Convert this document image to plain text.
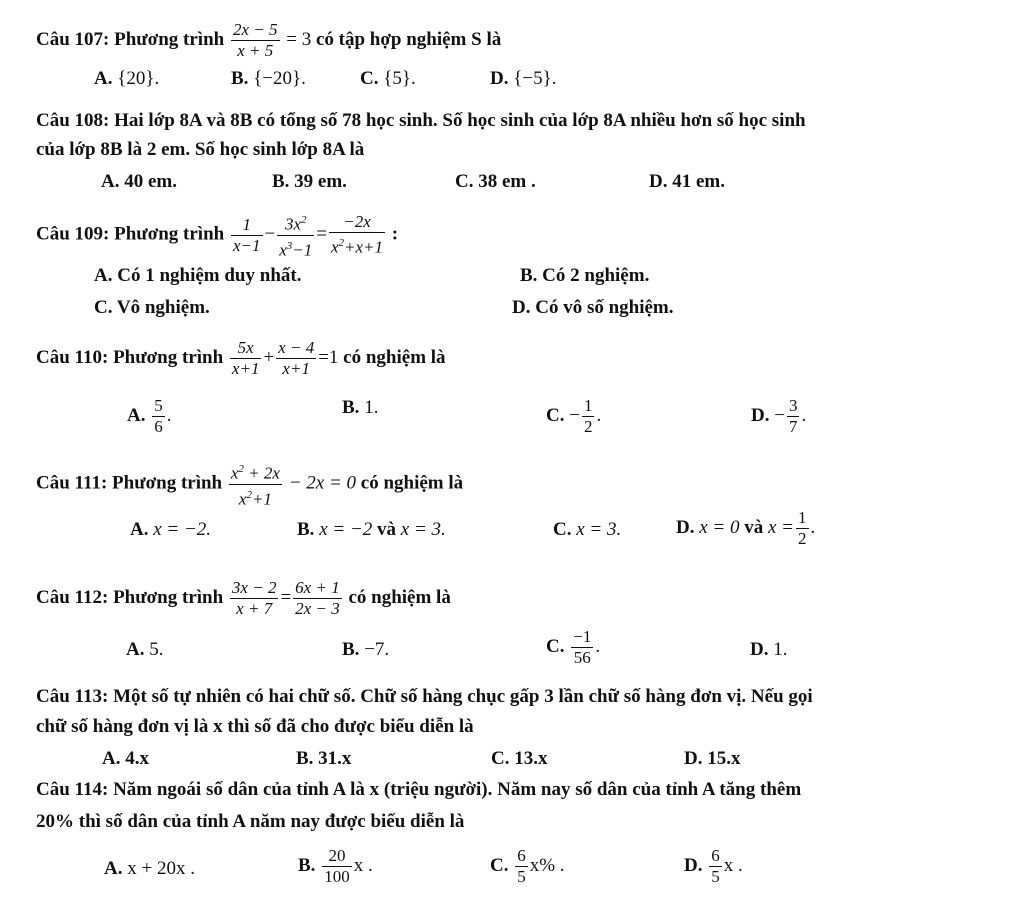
Câu 107: Phương trình $\frac{2x - 5}{x + 5} = 3$ có tập hợp nghiệm S là
A. {20}.	B. {−20}.	C. {5}.	D. {−5}.
Câu 108: Hai lớp 8A và 8B có tổng số 78 học sinh. Số học sinh của lớp 8A nhiều hơn số học sinh
của lớp 8B là 2 em. Số học sinh lớp 8A là
A. 40 em.	B. 39 em.	C. 38 em .	D. 41 em.
Câu 109: Phương trình $\frac{1}{x-1} - \frac{3x^2}{x^3-1} = \frac{-2x}{x^2+x+1}$ :
A. Có 1 nghiệm duy nhất.	B. Có 2 nghiệm.
C. Vô nghiệm.	D. Có vô số nghiệm.
Câu 110: Phương trình $\frac{5x}{x+1} + \frac{x - 4}{x+1} =1$ có nghiệm là
A. $\frac{5}{6}$ .	B. 1.	C. − $\frac{1}{2}$ .	D. − $\frac{3}{7}$ .
Câu 111: Phương trình $\frac{x^2 + 2x}{x^2+1} - 2x = 0$ có nghiệm là
A. x = −2.	B. x = −2 và x = 3.	C. x = 3.	D. x = 0 và $x = \frac{1}{2}$ .
Câu 112: Phương trình $\frac{3x - 2}{x + 7} = \frac{6x + 1}{2x - 3}$ có nghiệm là
A. 5.	B. −7.	C. $\frac{-1}{56}$ .	D. 1.
Câu 113: Một số tự nhiên có hai chữ số. Chữ số hàng chục gấp 3 lần chữ số hàng đơn vị. Nếu gọi
chữ số hàng đơn vị là x thì số đã cho được biểu diễn là
A. 4.x	B. 31.x	C. 13.x	D. 15.x
Câu 114: Năm ngoái số dân của tỉnh A là x (triệu người). Năm nay số dân của tỉnh A tăng thêm
20% thì số dân của tỉnh A năm nay được biểu diễn là
A. x + 20x .	B. $\frac{20}{100}$ x .	C. $\frac{6}{5} x\%$ .	D. $\frac{6}{5}$ x .
